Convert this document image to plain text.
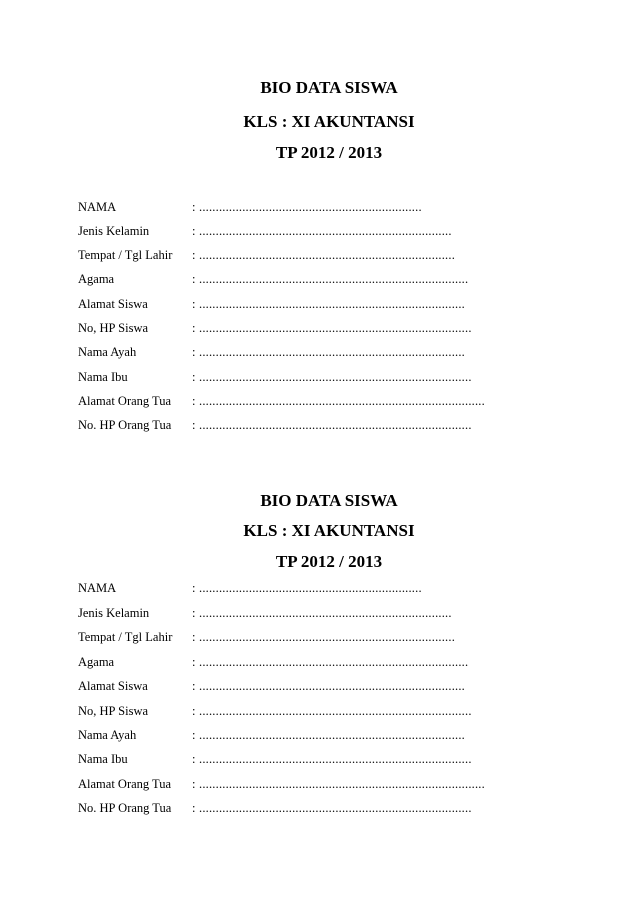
BIO DATA SISWA
KLS : XI AKUNTANSI
TP 2012 / 2013
NAMA	: ...................................................................
Jenis Kelamin	: ............................................................................
Tempat / Tgl Lahir : .............................................................................
Agama	: .................................................................................
Alamat Siswa	: ................................................................................
No, HP Siswa	: ..................................................................................
Nama Ayah	: ................................................................................
Nama Ibu	: ..................................................................................
Alamat Orang Tua : ......................................................................................
No. HP Orang Tua : ..................................................................................
BIO DATA SISWA
KLS : XI AKUNTANSI
TP 2012 / 2013
NAMA	: ...................................................................
Jenis Kelamin	: ............................................................................
Tempat / Tgl Lahir : .............................................................................
Agama	: .................................................................................
Alamat Siswa	: ................................................................................
No, HP Siswa	: ..................................................................................
Nama Ayah	: ................................................................................
Nama Ibu	: ..................................................................................
Alamat Orang Tua : ......................................................................................
No. HP Orang Tua : ..................................................................................
